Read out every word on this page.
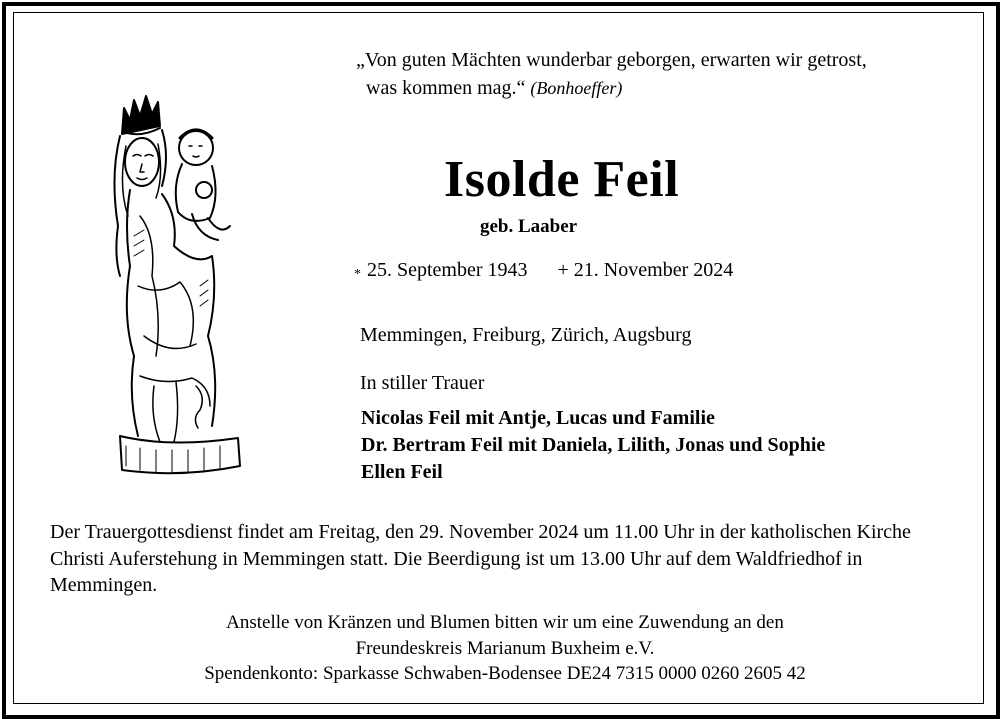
„Von guten Mächten wunderbar geborgen, erwarten wir getrost,
was kommen mag.“ (Bonhoeffer)
Isolde Feil
geb. Laaber
* 25. September 1943 + 21. November 2024
Memmingen, Freiburg, Zürich, Augsburg
In stiller Trauer
Nicolas Feil mit Antje, Lucas und Familie
Dr. Bertram Feil mit Daniela, Lilith, Jonas und Sophie
Ellen Feil
Der Trauergottesdienst findet am Freitag, den 29. November 2024 um 11.00 Uhr in der katholischen Kirche Christi Auferstehung in Memmingen statt. Die Beerdigung ist um 13.00 Uhr auf dem Waldfriedhof in Memmingen.
Anstelle von Kränzen und Blumen bitten wir um eine Zuwendung an den
Freundeskreis Marianum Buxheim e.V.
Spendenkonto: Sparkasse Schwaben-Bodensee DE24 7315 0000 0260 2605 42
